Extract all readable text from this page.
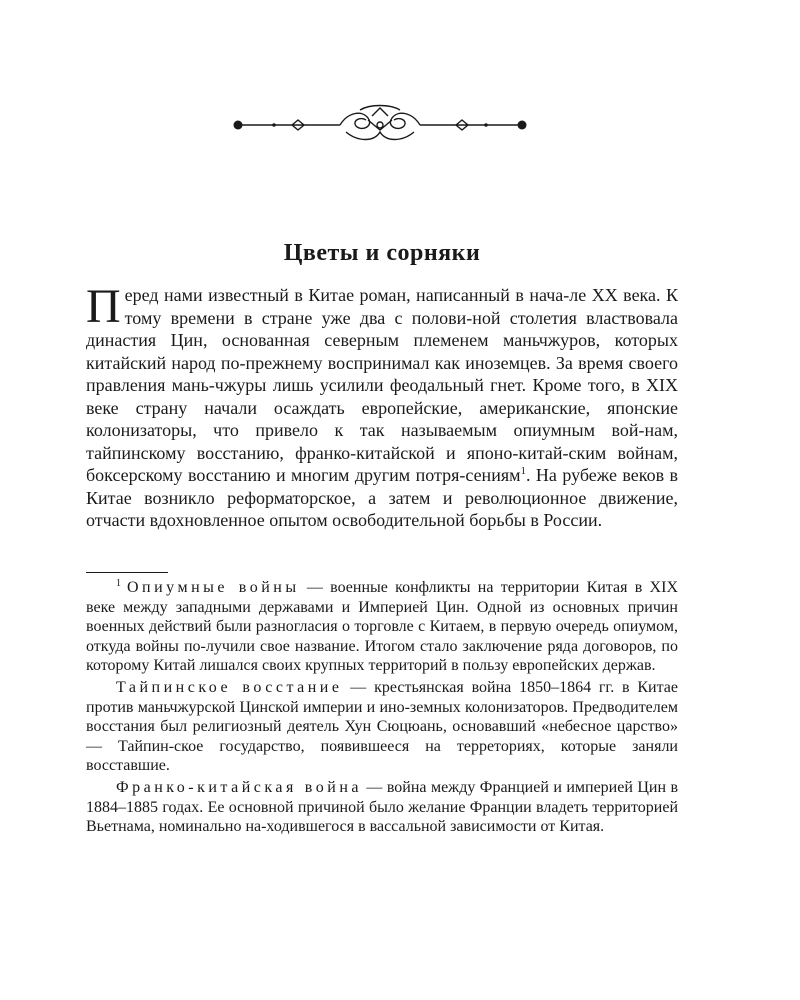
Цветы и сорняки

Перед нами известный в Китае роман, написанный в нача-ле XX века. К тому времени в стране уже два с полови-ной столетия властвовала династия Цин, основанная северным племенем маньчжуров, которых китайский народ по-прежнему воспринимал как иноземцев. За время своего правления мань-чжуры лишь усилили феодальный гнет. Кроме того, в XIX веке страну начали осаждать европейские, американские, японские колонизаторы, что привело к так называемым опиумным вой-нам, тайпинскому восстанию, франко-китайской и японо-китай-ским войнам, боксерскому восстанию и многим другим потря-сениям$^1$. На рубеже веков в Китае возникло реформаторское, а затем и революционное движение, отчасти вдохновленное опытом освободительной борьбы в России.

$^1$ Опиумные войны — военные конфликты на территории Китая в XIX веке между западными державами и Империей Цин. Одной из основных причин военных действий были разногласия о торговле с Китаем, в первую очередь опиумом, откуда войны по-лучили свое название. Итогом стало заключение ряда договоров, по которому Китай лишался своих крупных территорий в пользу европейских держав.

Тайпинское восстание — крестьянская война 1850–1864 гг. в Китае против маньчжурской Цинской империи и ино-земных колонизаторов. Предводителем восстания был религиозный деятель Хун Сюцюань, основавший «небесное царство» — Тайпин-ское государство, появившееся на терреториях, которые заняли восставшие.

Франко-китайская война — война между Францией и империей Цин в 1884–1885 годах. Ее основной причиной было желание Франции владеть территорией Вьетнама, номинально на-ходившегося в вассальной зависимости от Китая.
